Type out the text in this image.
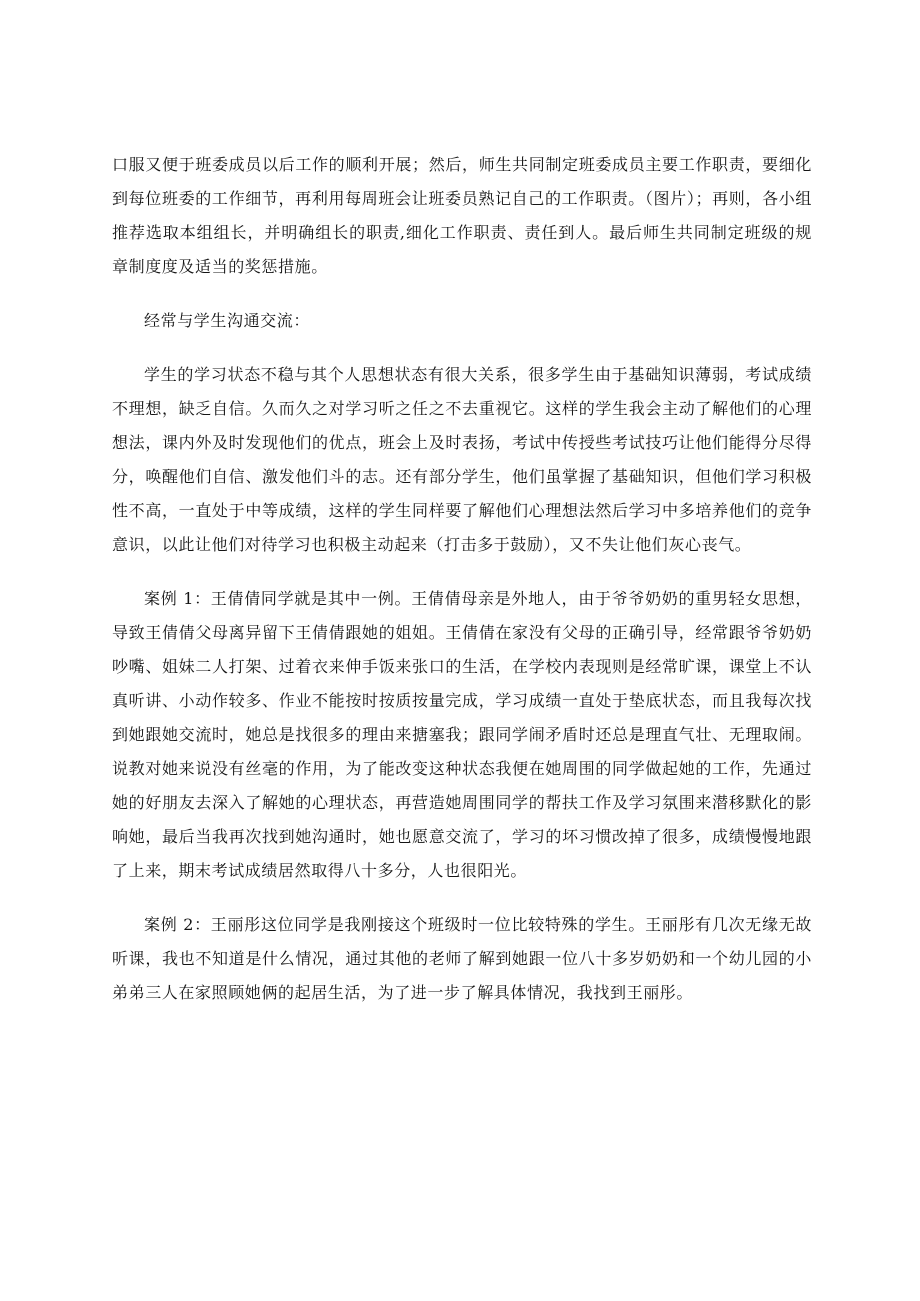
口服又便于班委成员以后工作的顺利开展；然后，师生共同制定班委成员主要工作职责，要细化到每位班委的工作细节，再利用每周班会让班委员熟记自己的工作职责。（图片）；再则，各小组推荐选取本组组长，并明确组长的职责,细化工作职责、责任到人。最后师生共同制定班级的规章制度度及适当的奖惩措施。

经常与学生沟通交流：

学生的学习状态不稳与其个人思想状态有很大关系，很多学生由于基础知识薄弱，考试成绩不理想，缺乏自信。久而久之对学习听之任之不去重视它。这样的学生我会主动了解他们的心理想法，课内外及时发现他们的优点，班会上及时表扬，考试中传授些考试技巧让他们能得分尽得分，唤醒他们自信、激发他们斗的志。还有部分学生，他们虽掌握了基础知识，但他们学习积极性不高，一直处于中等成绩，这样的学生同样要了解他们心理想法然后学习中多培养他们的竞争意识，以此让他们对待学习也积极主动起来（打击多于鼓励），又不失让他们灰心丧气。

案例 1：王倩倩同学就是其中一例。王倩倩母亲是外地人，由于爷爷奶奶的重男轻女思想，导致王倩倩父母离异留下王倩倩跟她的姐姐。王倩倩在家没有父母的正确引导，经常跟爷爷奶奶吵嘴、姐妹二人打架、过着衣来伸手饭来张口的生活，在学校内表现则是经常旷课，课堂上不认真听讲、小动作较多、作业不能按时按质按量完成，学习成绩一直处于垫底状态，而且我每次找到她跟她交流时，她总是找很多的理由来搪塞我；跟同学闹矛盾时还总是理直气壮、无理取闹。说教对她来说没有丝毫的作用，为了能改变这种状态我便在她周围的同学做起她的工作，先通过她的好朋友去深入了解她的心理状态，再营造她周围同学的帮扶工作及学习氛围来潜移默化的影响她，最后当我再次找到她沟通时，她也愿意交流了，学习的坏习惯改掉了很多，成绩慢慢地跟了上来，期末考试成绩居然取得八十多分，人也很阳光。

案例 2：王丽彤这位同学是我刚接这个班级时一位比较特殊的学生。王丽彤有几次无缘无故听课，我也不知道是什么情况，通过其他的老师了解到她跟一位八十多岁奶奶和一个幼儿园的小弟弟三人在家照顾她俩的起居生活，为了进一步了解具体情况，我找到王丽彤。
